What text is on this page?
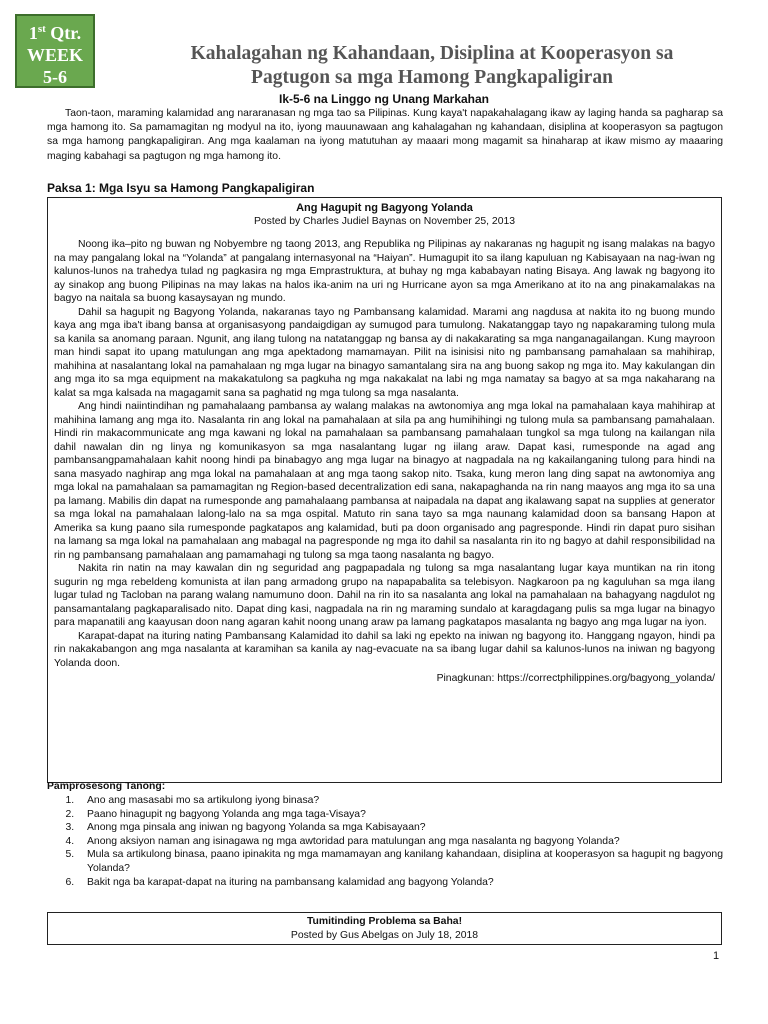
1st Qtr.
WEEK
5-6
Kahalagahan ng Kahandaan, Disiplina at Kooperasyon sa
Pagtugon sa mga Hamong Pangkapaligiran
Ik-5-6 na Linggo ng Unang Markahan

Taon-taon, maraming kalamidad ang nararanasan ng mga tao sa Pilipinas. Kung kaya't napakahalagang ikaw ay laging handa sa pagharap sa mga hamong ito. Sa pamamagitan ng modyul na ito, iyong mauunawaan ang kahalagahan ng kahandaan, disiplina at kooperasyon sa pagtugon sa mga hamong pangkapaligiran. Ang mga kaalaman na iyong matutuhan ay maaari mong magamit sa hinaharap at ikaw mismo ay maaaring maging kabahagi sa pagtugon ng mga hamong ito.

Paksa 1: Mga Isyu sa Hamong Pangkapaligiran
Ang Hagupit ng Bagyong Yolanda
Posted by Charles Judiel Baynas on November 25, 2013

Noong ika–pito ng buwan ng Nobyembre ng taong 2013, ang Republika ng Pilipinas ay nakaranas ng hagupit ng isang malakas na bagyo na may pangalang lokal na “Yolanda” at pangalang internasyonal na “Haiyan”. Humagupit ito sa ilang kapuluan ng Kabisayaan na nag-iwan ng kalunos-lunos na trahedya tulad ng pagkasira ng mga Emprastruktura, at buhay ng mga kababayan nating Bisaya. Ang lawak ng bagyong ito ay sinakop ang buong Pilipinas na may lakas na halos ika-anim na uri ng Hurricane ayon sa mga Amerikano at ito na ang pinakamalakas na bagyo na naitala sa buong kasaysayan ng mundo.

Dahil sa hagupit ng Bagyong Yolanda, nakaranas tayo ng Pambansang kalamidad. Marami ang nagdusa at nakita ito ng buong mundo kaya ang mga iba't ibang bansa at organisasyong pandaigdigan ay sumugod para tumulong. Nakatanggap tayo ng napakaraming tulong mula sa kanila sa anomang paraan. Ngunit, ang ilang tulong na natatanggap ng bansa ay di nakakarating sa mga nanganagailangan. Kung mayroon man hindi sapat ito upang matulungan ang mga apektadong mamamayan. Pilit na isinisisi nito ng pambansang pamahalaan sa mahihirap, mahihina at nasalantang lokal na pamahalaan ng mga lugar na binagyo samantalang sira na ang buong sakop ng mga ito. May kakulangan din ang mga ito sa mga equipment na makakatulong sa pagkuha ng mga nakakalat na labi ng mga namatay sa bagyo at sa mga nakaharang na kalat sa mga kalsada na magagamit sana sa paghatid ng mga tulong sa mga nasalanta.

Ang hindi naiintindihan ng pamahalaang pambansa ay walang malakas na awtonomiya ang mga lokal na pamahalaan kaya mahihirap at mahihina lamang ang mga ito. Nasalanta rin ang lokal na pamahalaan at sila pa ang humihihingi ng tulong mula sa pambansang pamahalaan. Hindi rin makacommunicate ang mga kawani ng lokal na pamahalaan sa pambansang pamahalaan tungkol sa mga tulong na kailangan nila dahil nawalan din ng linya ng komunikasyon sa mga nasalantang lugar ng iilang araw. Dapat kasi, rumesponde na agad ang pambansangpamahalaan kahit noong hindi pa binabagyo ang mga lugar na binagyo at nagpadala na ng kakailanganing tulong para hindi na sana masyado naghirap ang mga lokal na pamahalaan at ang mga taong sakop nito. Tsaka, kung meron lang ding sapat na awtonomiya ang mga lokal na pamahalaan sa pamamagitan ng Region-based decentralization edi sana, nakapaghanda na rin nang maayos ang mga ito sa una pa lamang. Mabilis din dapat na rumesponde ang pamahalaang pambansa at naipadala na dapat ang ikalawang sapat na supplies at generator sa mga lokal na pamahalaan lalong-lalo na sa mga ospital. Matuto rin sana tayo sa mga naunang kalamidad doon sa bansang Hapon at Amerika sa kung paano sila rumesponde pagkatapos ang kalamidad, buti pa doon organisado ang pagresponde. Hindi rin dapat puro sisihan na lamang sa mga lokal na pamahalaan ang mabagal na pagresponde ng mga ito dahil sa nasalanta rin ito ng bagyo at dahil responsibilidad na rin ng pambansang pamahalaan ang pamamahagi ng tulong sa mga taong nasalanta ng bagyo.

Nakita rin natin na may kawalan din ng seguridad ang pagpapadala ng tulong sa mga nasalantang lugar kaya muntikan na rin itong sugurin ng mga rebeldeng komunista at ilan pang armadong grupo na napapabalita sa telebisyon. Nagkaroon pa ng kaguluhan sa mga ilang lugar tulad ng Tacloban na parang walang namumuno doon. Dahil na rin ito sa nasalanta ang lokal na pamahalaan na bahagyang nagdulot ng pansamantalang pagkaparalisado nito. Dapat ding kasi, nagpadala na rin ng maraming sundalo at karagdagang pulis sa mga lugar na binagyo para mapanatili ang kaayusan doon nang agaran kahit noong unang araw pa lamang pagkatapos masalanta ng bagyo ang mga lugar na iyon.

Karapat-dapat na ituring nating Pambansang Kalamidad ito dahil sa laki ng epekto na iniwan ng bagyong ito. Hanggang ngayon, hindi pa rin nakakabangon ang mga nasalanta at karamihan sa kanila ay nag-evacuate na sa ibang lugar dahil sa kalunos-lunos na iniwan ng bagyong Yolanda doon.

Pinagkunan: https://correctphilippines.org/bagyong_yolanda/
Pamprosesong Tanong:
1. Ano ang masasabi mo sa artikulong iyong binasa?
2. Paano hinagupit ng bagyong Yolanda ang mga taga-Visaya?
3. Anong mga pinsala ang iniwan ng bagyong Yolanda sa mga Kabisayaan?
4. Anong aksiyon naman ang isinagawa ng mga awtoridad para matulungan ang mga nasalanta ng bagyong Yolanda?
5. Mula sa artikulong binasa, paano ipinakita ng mga mamamayan ang kanilang kahandaan, disiplina at kooperasyon sa hagupit ng bagyong Yolanda?
6. Bakit nga ba karapat-dapat na ituring na pambansang kalamidad ang bagyong Yolanda?
Tumitinding Problema sa Baha!
Posted by Gus Abelgas on July 18, 2018
1
